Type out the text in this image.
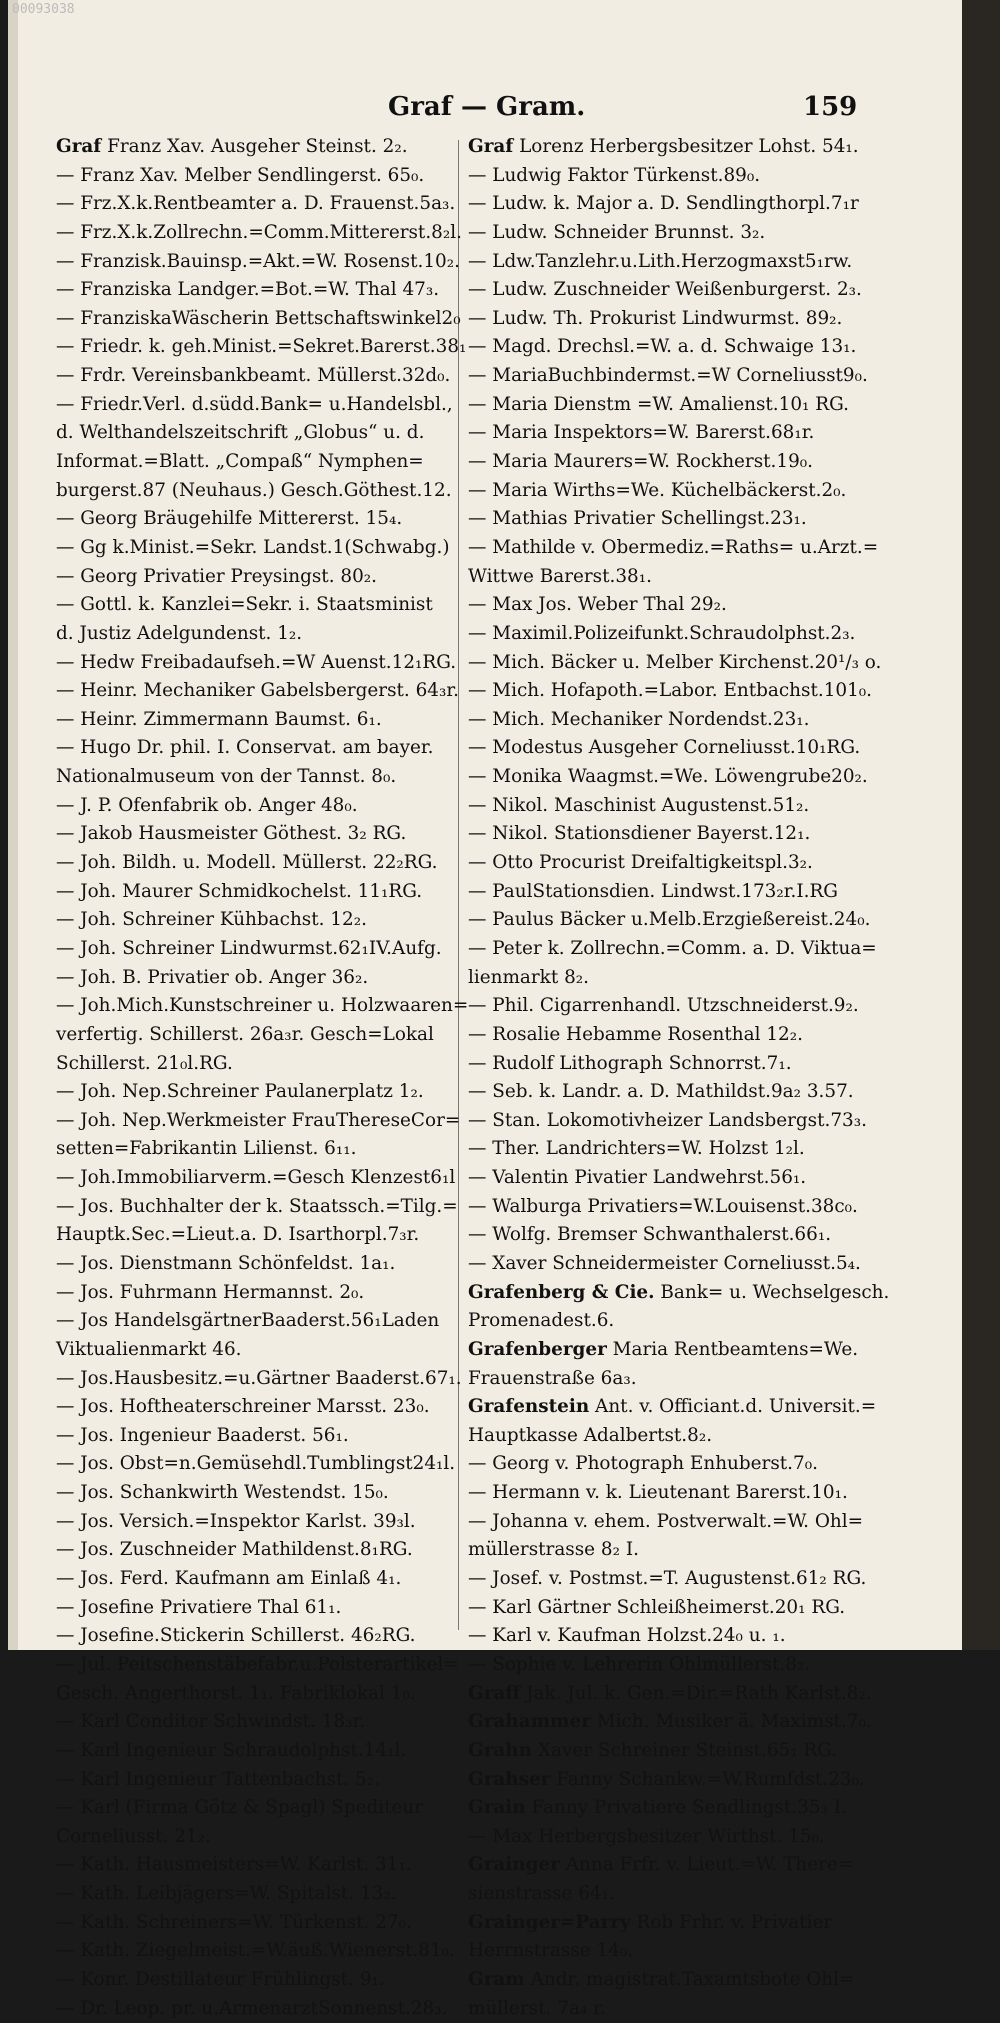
00093038
Graf — Gram.	159
Graf Franz Xav. Ausgeher Steinst. 2₂.
— Franz Xav. Melber Sendlingerst. 65₀.
— Frz.X.k.Rentbeamter a. D. Frauenst.5a₃.
— Frz.X.k.Zollrechn.=Comm.Mittererst.8₂l.
— Franzisk.Bauinsp.=Akt.=W. Rosenst.10₂.
— Franziska Landger.=Bot.=W. Thal 47₃.
— FranziskaWäscherin Bettschaftswinkel2₀
— Friedr. k. geh.Minist.=Sekret.Barerst.38₁
— Frdr. Vereinsbankbeamt. Müllerst.32d₀.
— Friedr.Verl. d.südd.Bank= u.Handelsbl.,
d. Welthandelszeitschrift „Globus“ u. d.
Informat.=Blatt. „Compaß“ Nymphen=
burgerst.87 (Neuhaus.) Gesch.Göthest.12.
— Georg Bräugehilfe Mittererst. 15₄.
— Gg k.Minist.=Sekr. Landst.1(Schwabg.)
— Georg Privatier Preysingst. 80₂.
— Gottl. k. Kanzlei=Sekr. i. Staatsminist
d. Justiz Adelgundenst. 1₂.
— Hedw Freibadaufseh.=W Auenst.12₁RG.
— Heinr. Mechaniker Gabelsbergerst. 64₃r.
— Heinr. Zimmermann Baumst. 6₁.
— Hugo Dr. phil. I. Conservat. am bayer.
Nationalmuseum von der Tannst. 8₀.
— J. P. Ofenfabrik ob. Anger 48₀.
— Jakob Hausmeister Göthest. 3₂ RG.
— Joh. Bildh. u. Modell. Müllerst. 22₂RG.
— Joh. Maurer Schmidkochelst. 11₁RG.
— Joh. Schreiner Kühbachst. 12₂.
— Joh. Schreiner Lindwurmst.62₁IV.Aufg.
— Joh. B. Privatier ob. Anger 36₂.
— Joh.Mich.Kunstschreiner u. Holzwaaren=
verfertig. Schillerst. 26a₃r. Gesch=Lokal
Schillerst. 21₀l.RG.
— Joh. Nep.Schreiner Paulanerplatz 1₂.
— Joh. Nep.Werkmeister FrauThereseCor=
setten=Fabrikantin Lilienst. 6₁₁.
— Joh.Immobiliarverm.=Gesch Klenzest6₁l
— Jos. Buchhalter der k. Staatssch.=Tilg.=
Hauptk.Sec.=Lieut.a. D. Isarthorpl.7₃r.
— Jos. Dienstmann Schönfeldst. 1a₁.
— Jos. Fuhrmann Hermannst. 2₀.
— Jos HandelsgärtnerBaaderst.56₁Laden
Viktualienmarkt 46.
— Jos.Hausbesitz.=u.Gärtner Baaderst.67₁.
— Jos. Hoftheaterschreiner Marsst. 23₀.
— Jos. Ingenieur Baaderst. 56₁.
— Jos. Obst=n.Gemüsehdl.Tumblingst24₁l.
— Jos. Schankwirth Westendst. 15₀.
— Jos. Versich.=Inspektor Karlst. 39₃l.
— Jos. Zuschneider Mathildenst.8₁RG.
— Jos. Ferd. Kaufmann am Einlaß 4₁.
— Josefine Privatiere Thal 61₁.
— Josefine.Stickerin Schillerst. 46₂RG.
— Jul. Peitschenstäbefabr.u.Polsterartikel=
Gesch. Angerthorst. 1₁. Fabriklokal 1₀.
— Karl Conditor Schwindst. 18₃r.
— Karl Ingenieur Schraudolphst.14₁l.
— Karl Ingenieur Tattenbachst. 5₂.
— Karl (Firma Götz & Spagl) Spediteur
Corneliusst. 21₂.
— Kath. Hausmeisters=W. Karlst. 31₁.
— Kath. Leibjägers=W. Spitalst. 13₂.
— Kath. Schreiners=W. Türkenst. 27₀.
— Kath. Ziegelmeist.=W.äuß.Wienerst.81₀.
— Konr. Destillateur Frühlingst. 9₁.
— Dr. Leop. pr. u.ArmenarztSonnenst.28₃.
Graf Lorenz Herbergsbesitzer Lohst. 54₁.
— Ludwig Faktor Türkenst.89₀.
— Ludw. k. Major a. D. Sendlingthorpl.7₁r
— Ludw. Schneider Brunnst. 3₂.
— Ldw.Tanzlehr.u.Lith.Herzogmaxst5₁rw.
— Ludw. Zuschneider Weißenburgerst. 2₃.
— Ludw. Th. Prokurist Lindwurmst. 89₂.
— Magd. Drechsl.=W. a. d. Schwaige 13₁.
— MariaBuchbindermst.=W Corneliusst9₀.
— Maria Dienstm =W. Amalienst.10₁ RG.
— Maria Inspektors=W. Barerst.68₁r.
— Maria Maurers=W. Rockherst.19₀.
— Maria Wirths=We. Küchelbäckerst.2₀.
— Mathias Privatier Schellingst.23₁.
— Mathilde v. Obermediz.=Raths= u.Arzt.=
Wittwe Barerst.38₁.
— Max Jos. Weber Thal 29₂.
— Maximil.Polizeifunkt.Schraudolphst.2₃.
— Mich. Bäcker u. Melber Kirchenst.20¹/₃ o.
— Mich. Hofapoth.=Labor. Entbachst.101₀.
— Mich. Mechaniker Nordendst.23₁.
— Modestus Ausgeher Corneliusst.10₁RG.
— Monika Waagmst.=We. Löwengrube20₂.
— Nikol. Maschinist Augustenst.51₂.
— Nikol. Stationsdiener Bayerst.12₁.
— Otto Procurist Dreifaltigkeitspl.3₂.
— PaulStationsdien. Lindwst.173₂r.I.RG
— Paulus Bäcker u.Melb.Erzgießereist.24₀.
— Peter k. Zollrechn.=Comm. a. D. Viktua=
lienmarkt 8₂.
— Phil. Cigarrenhandl. Utzschneiderst.9₂.
— Rosalie Hebamme Rosenthal 12₂.
— Rudolf Lithograph Schnorrst.7₁.
— Seb. k. Landr. a. D. Mathildst.9a₂ 3.57.
— Stan. Lokomotivheizer Landsbergst.73₃.
— Ther. Landrichters=W. Holzst 1₂l.
— Valentin Pivatier Landwehrst.56₁.
— Walburga Privatiers=W.Louisenst.38c₀.
— Wolfg. Bremser Schwanthalerst.66₁.
— Xaver Schneidermeister Corneliusst.5₄.
Grafenberg & Cie. Bank= u. Wechselgesch.
Promenadest.6.
Grafenberger Maria Rentbeamtens=We.
Frauenstraße 6a₃.
Grafenstein Ant. v. Officiant.d. Universit.=
Hauptkasse Adalbertst.8₂.
— Georg v. Photograph Enhuberst.7₀.
— Hermann v. k. Lieutenant Barerst.10₁.
— Johanna v. ehem. Postverwalt.=W. Ohl=
müllerstrasse 8₂ I.
— Josef. v. Postmst.=T. Augustenst.61₂ RG.
— Karl Gärtner Schleißheimerst.20₁ RG.
— Karl v. Kaufman Holzst.24₀ u. ₁.
— Sophie v. Lehrerin Ohlmüllerst.8₂.
Graff Jak. Jul. k. Gen.=Dir.=Rath Karlst.8₂.
Grahammer Mich. Musiker ä. Maximst.7₀.
Grahn Xaver Schreiner Steinst.65₁ RG.
Grahser Fanny Schankw.=W.Rumfdst.23₀.
Grain Fanny Privatiere Sendlingst.35₃ I.
— Max Herbergsbesitzer Wirthst. 15₀.
Grainger Anna Frfr. v. Lieut.=W. There=
sienstrasse 64₁.
Grainger=Parry Rob Frhr. v. Privatier
Herrnstrasse 14₀.
Gram Andr. magistrat.Taxamtsbote Ohl=
müllerst. 7a₄ r.
